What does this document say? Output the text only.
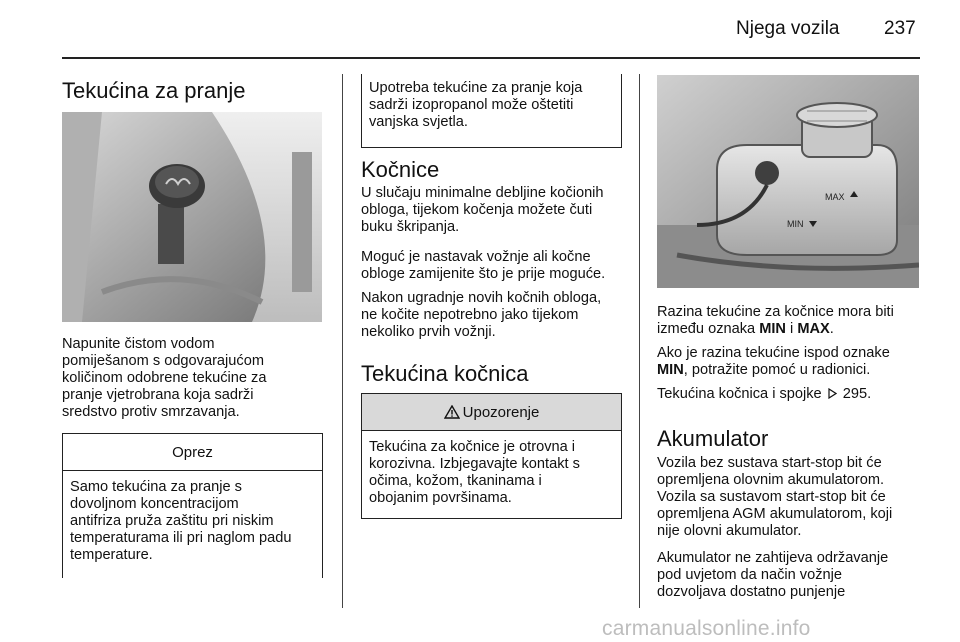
Njega vozila 237
Tekućina za pranje

Napunite čistom vodom
pomiješanom s odgovarajućom
količinom odobrene tekućine za
pranje vjetrobrana koja sadrži
sredstvo protiv smrzavanja.

Oprez
Samo tekućina za pranje s
dovoljnom koncentracijom
antifriza pruža zaštitu pri niskim
temperaturama ili pri naglom padu
temperature.
Upotreba tekućine za pranje koja
sadrži izopropanol može oštetiti
vanjska svjetla.
Kočnice

U slučaju minimalne debljine kočionih
obloga, tijekom kočenja možete čuti
buku škripanja.

Moguć je nastavak vožnje ali kočne
obloge zamijenite što je prije moguće.

Nakon ugradnje novih kočnih obloga,
ne kočite nepotrebno jako tijekom
nekoliko prvih vožnji.

Tekućina kočnica
Upozorenje
Tekućina za kočnice je otrovna i
korozivna. Izbjegavajte kontakt s
očima, kožom, tkaninama i
obojanim površinama.
MAX
MIN

Razina tekućine za kočnice mora biti
između oznaka MIN i MAX.

Ako je razina tekućine ispod oznake
MIN, potražite pomoć u radionici.

Tekućina kočnica i spojke 295.

Akumulator

Vozila bez sustava start-stop bit će
opremljena olovnim akumulatorom.
Vozila sa sustavom start-stop bit će
opremljena AGM akumulatorom, koji
nije olovni akumulator.

Akumulator ne zahtijeva održavanje
pod uvjetom da način vožnje
dozvoljava dostatno punjenje

carmanualsonline.info
